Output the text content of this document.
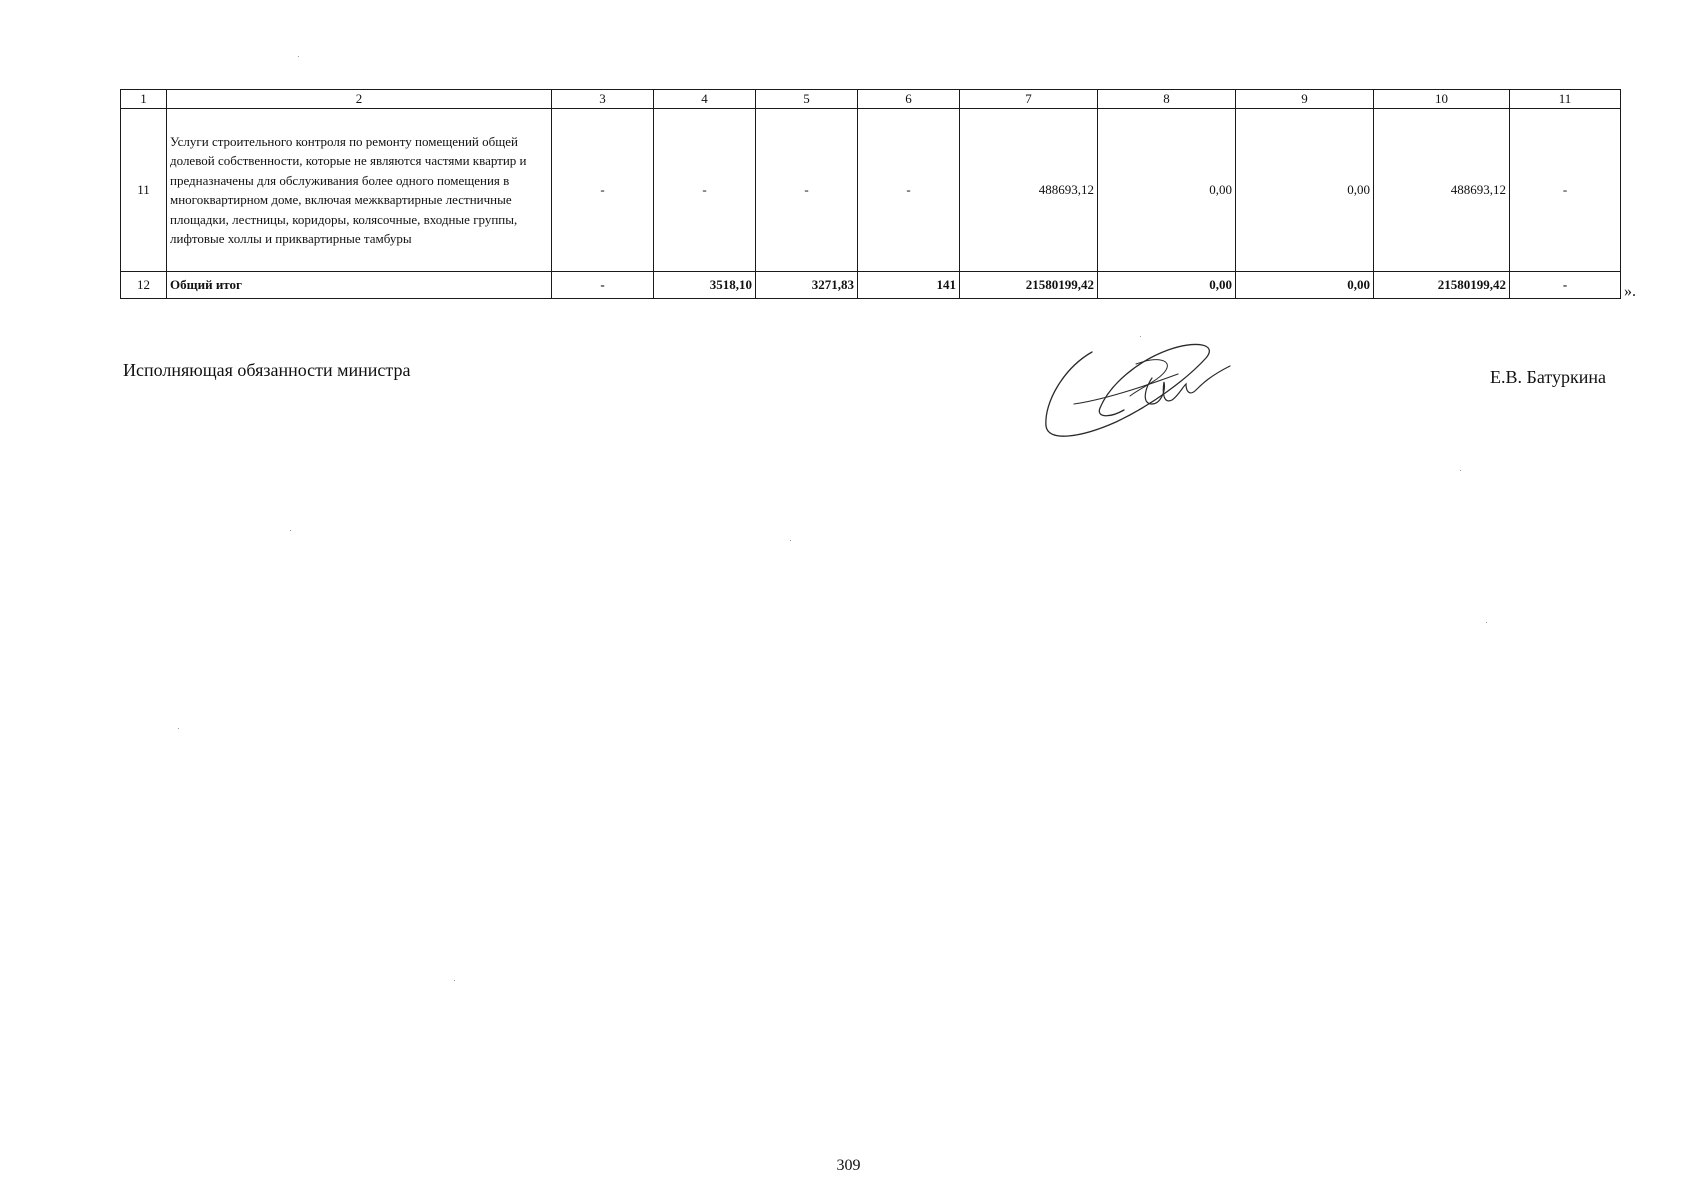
1	2	3	4	5	6	7	8	9	10	11
11	Услуги строительного контроля по ремонту помещений общей долевой собственности, которые не являются частями квартир и предназначены для обслуживания более одного помещения в многоквартирном доме, включая межквартирные лестничные площадки, лестницы, коридоры, колясочные, входные группы, лифтовые холлы и приквартирные тамбуры	-	-	-	-	488693,12	0,00	0,00	488693,12	-
12	Общий итог	-	3518,10	3271,83	141	21580199,42	0,00	0,00	21580199,42	-	».
Исполняющая обязанности министра	Е.В. Батуркина
309
